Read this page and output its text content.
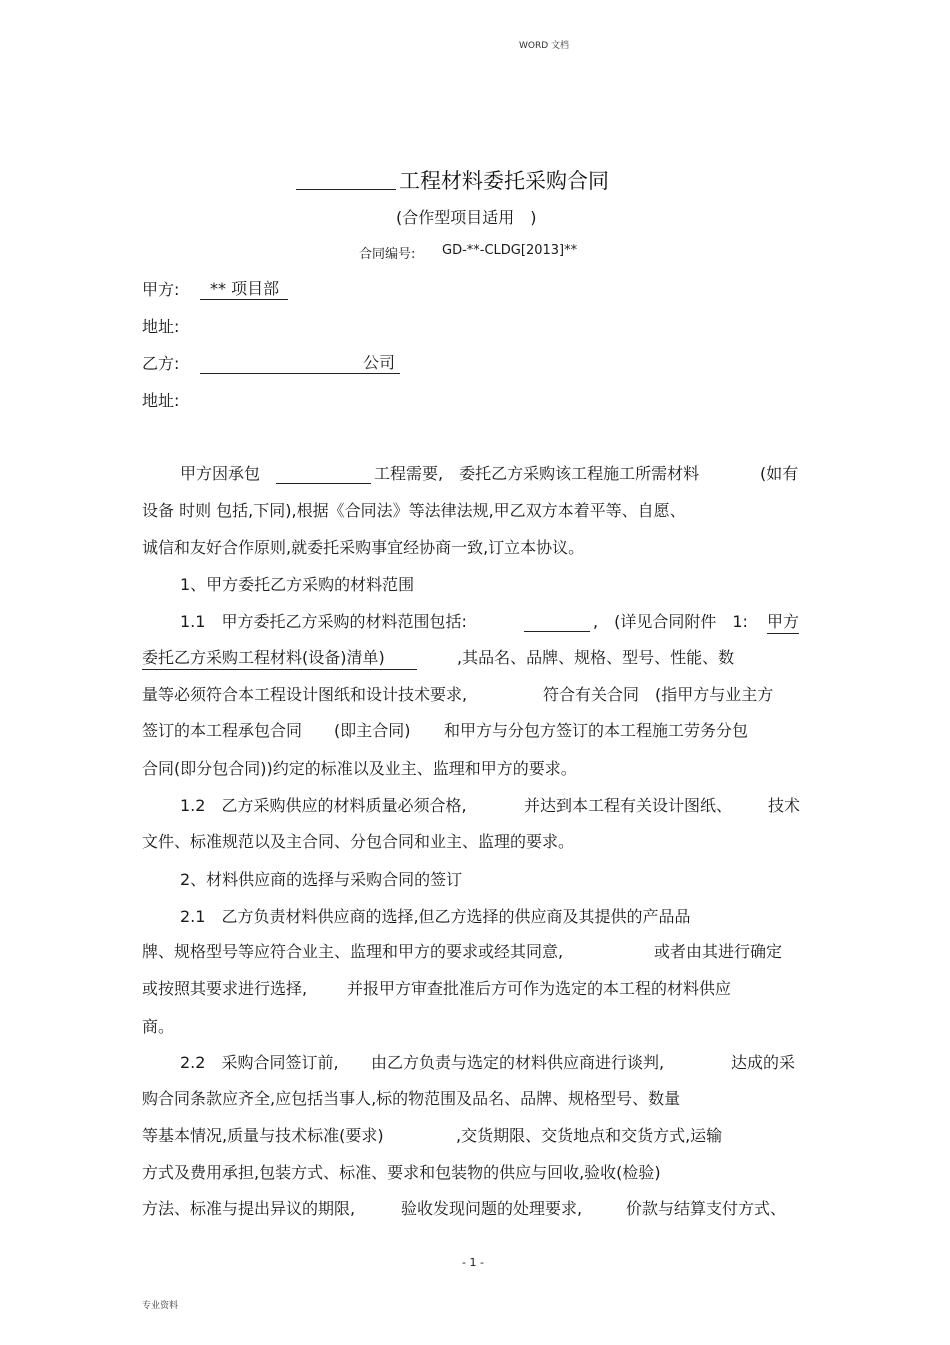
WORD 文档
工程材料委托采购合同
(合作型项目适用　)
合同编号: GD-**-CLDG[2013]**
甲方: ** 项目部
地址:
乙方:	公司
地址:
甲方因承包	工程需要,　委托乙方采购该工程施工所需材料	(如有
设备 时则 包括,下同),根据《合同法》等法律法规,甲乙双方本着平等、自愿、
诚信和友好合作原则,就委托采购事宜经协商一致,订立本协议。
1、甲方委托乙方采购的材料范围
1.1　甲方委托乙方采购的材料范围包括:	,　(详见合同附件　1: 甲方
委托乙方采购工程材料(设备)清单)	,其品名、品牌、规格、型号、性能、数
量等必须符合本工程设计图纸和设计技术要求,	符合有关合同　(指甲方与业主方
签订的本工程承包合同 (即主合同) 和甲方与分包方签订的本工程施工劳务分包
合同(即分包合同))约定的标准以及业主、监理和甲方的要求。
1.2　乙方采购供应的材料质量必须合格,	并达到本工程有关设计图纸、 技术
文件、标准规范以及主合同、分包合同和业主、监理的要求。
2、材料供应商的选择与采购合同的签订
2.1　乙方负责材料供应商的选择,但乙方选择的供应商及其提供的产品品
牌、规格型号等应符合业主、监理和甲方的要求或经其同意,	或者由其进行确定
或按照其要求进行选择, 并报甲方审查批准后方可作为选定的本工程的材料供应
商。
2.2　采购合同签订前, 由乙方负责与选定的材料供应商进行谈判,	达成的采
购合同条款应齐全,应包括当事人,标的物范围及品名、品牌、规格型号、数量
等基本情况,质量与技术标准(要求)	,交货期限、交货地点和交货方式,运输
方式及费用承担,包装方式、标准、要求和包装物的供应与回收,验收(检验)
方法、标准与提出异议的期限,	验收发现问题的处理要求,	价款与结算支付方式、
- 1 -
专业资料
